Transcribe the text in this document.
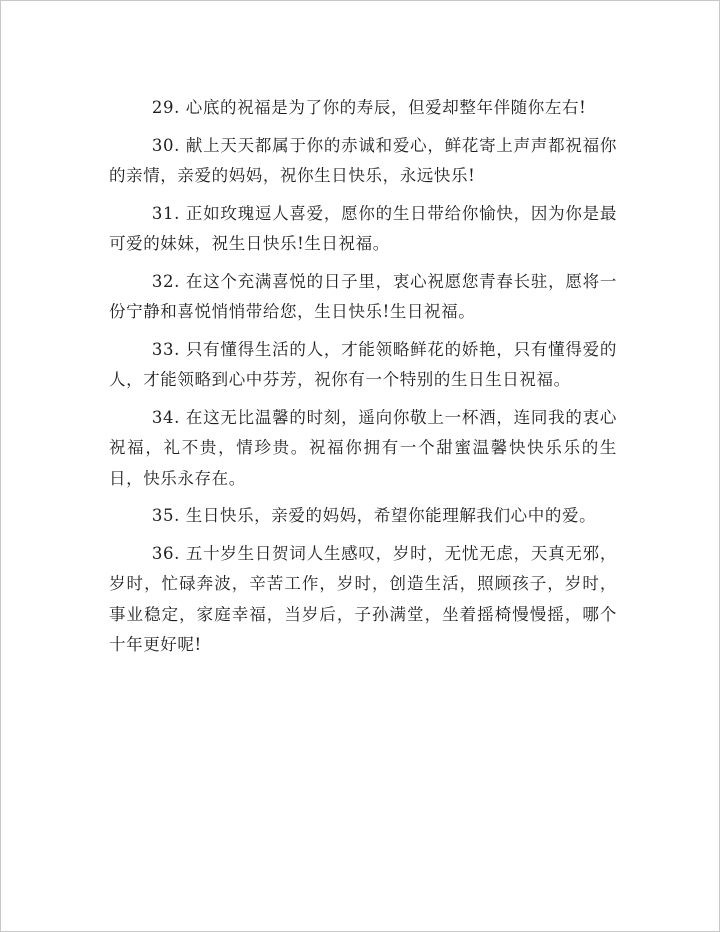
29. 心底的祝福是为了你的寿辰，但爱却整年伴随你左右!

30. 献上天天都属于你的赤诚和爱心，鲜花寄上声声都祝福你的亲情，亲爱的妈妈，祝你生日快乐，永远快乐!

31. 正如玫瑰逗人喜爱，愿你的生日带给你愉快，因为你是最可爱的妹妹，祝生日快乐!生日祝福。

32. 在这个充满喜悦的日子里，衷心祝愿您青春长驻，愿将一份宁静和喜悦悄悄带给您，生日快乐!生日祝福。

33. 只有懂得生活的人，才能领略鲜花的娇艳，只有懂得爱的人，才能领略到心中芬芳，祝你有一个特别的生日生日祝福。

34. 在这无比温馨的时刻，遥向你敬上一杯酒，连同我的衷心祝福，礼不贵，情珍贵。祝福你拥有一个甜蜜温馨快快乐乐的生日，快乐永存在。

35. 生日快乐，亲爱的妈妈，希望你能理解我们心中的爱。

36. 五十岁生日贺词人生感叹，岁时，无忧无虑，天真无邪，岁时，忙碌奔波，辛苦工作，岁时，创造生活，照顾孩子，岁时，事业稳定，家庭幸福，当岁后，子孙满堂，坐着摇椅慢慢摇，哪个十年更好呢!
